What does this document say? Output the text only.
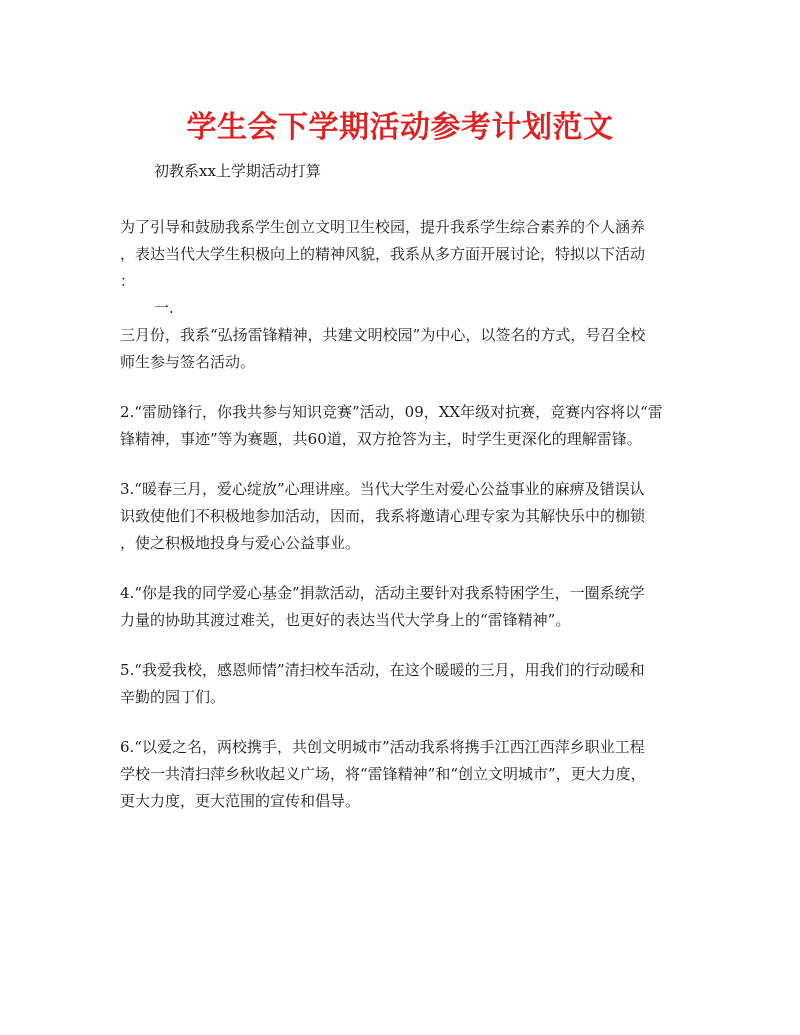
学生会下学期活动参考计划范文
初教系xx上学期活动打算
为了引导和鼓励我系学生创立文明卫生校园，提升我系学生综合素养的个人涵养
，表达当代大学生积极向上的精神风貌，我系从多方面开展讨论，特拟以下活动
：
一.
三月份，我系“弘扬雷锋精神，共建文明校园”为中心，以签名的方式，号召全校
师生参与签名活动。
2.“雷励锋行，你我共参与知识竞赛”活动，09，XX年级对抗赛，竞赛内容将以“雷
锋精神，事迹”等为赛题，共60道，双方抢答为主，时学生更深化的理解雷锋。
3.“暖春三月，爱心绽放”心理讲座。当代大学生对爱心公益事业的麻痹及错误认
识致使他们不积极地参加活动，因而，我系将邀请心理专家为其解快乐中的枷锁
，使之积极地投身与爱心公益事业。
4.“你是我的同学爱心基金”捐款活动，活动主要针对我系特困学生，一圈系统学
力量的协助其渡过难关，也更好的表达当代大学身上的“雷锋精神”。
5.“我爱我校，感恩师情”清扫校车活动，在这个暖暖的三月，用我们的行动暖和
辛勤的园丁们。
6.“以爱之名，两校携手，共创文明城市”活动我系将携手江西江西萍乡职业工程
学校一共清扫萍乡秋收起义广场，将“雷锋精神”和“创立文明城市”，更大力度，
更大力度，更大范围的宣传和倡导。
